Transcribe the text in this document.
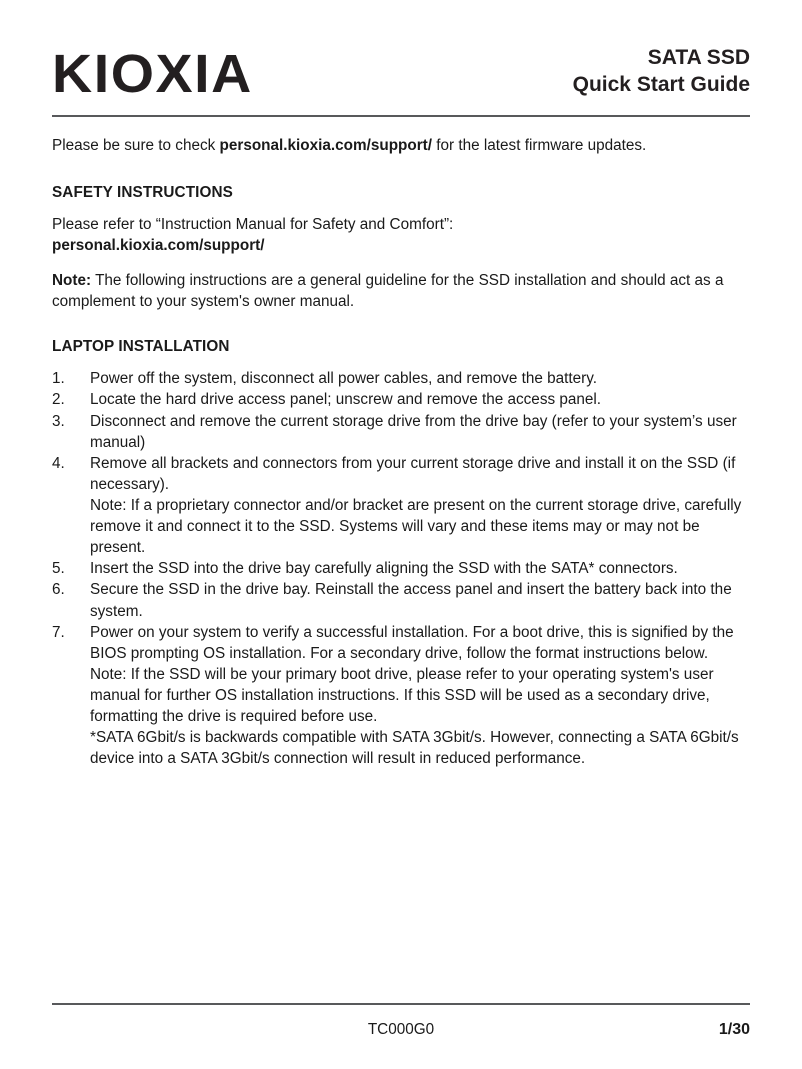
KIOXIA	SATA SSD
Quick Start Guide

Please be sure to check personal.kioxia.com/support/ for the latest firmware updates.

SAFETY INSTRUCTIONS

Please refer to “Instruction Manual for Safety and Comfort”:
personal.kioxia.com/support/

Note: The following instructions are a general guideline for the SSD installation and should act as a complement to your system's owner manual.

LAPTOP INSTALLATION
1.	Power off the system, disconnect all power cables, and remove the battery.
2.	Locate the hard drive access panel; unscrew and remove the access panel.
3.	Disconnect and remove the current storage drive from the drive bay (refer to your system’s user manual)
4.	Remove all brackets and connectors from your current storage drive and install it on the SSD (if necessary).
Note: If a proprietary connector and/or bracket are present on the current storage drive, carefully remove it and connect it to the SSD. Systems will vary and these items may or may not be present.
5.	Insert the SSD into the drive bay carefully aligning the SSD with the SATA* connectors.
6.	Secure the SSD in the drive bay. Reinstall the access panel and insert the battery back into the system.
7.	Power on your system to verify a successful installation. For a boot drive, this is signified by the BIOS prompting OS installation. For a secondary drive, follow the format instructions below.
Note: If the SSD will be your primary boot drive, please refer to your operating system's user manual for further OS installation instructions. If this SSD will be used as a secondary drive, formatting the drive is required before use.
*SATA 6Gbit/s is backwards compatible with SATA 3Gbit/s. However, connecting a SATA 6Gbit/s device into a SATA 3Gbit/s connection will result in reduced performance.
TC000G0	1/30
